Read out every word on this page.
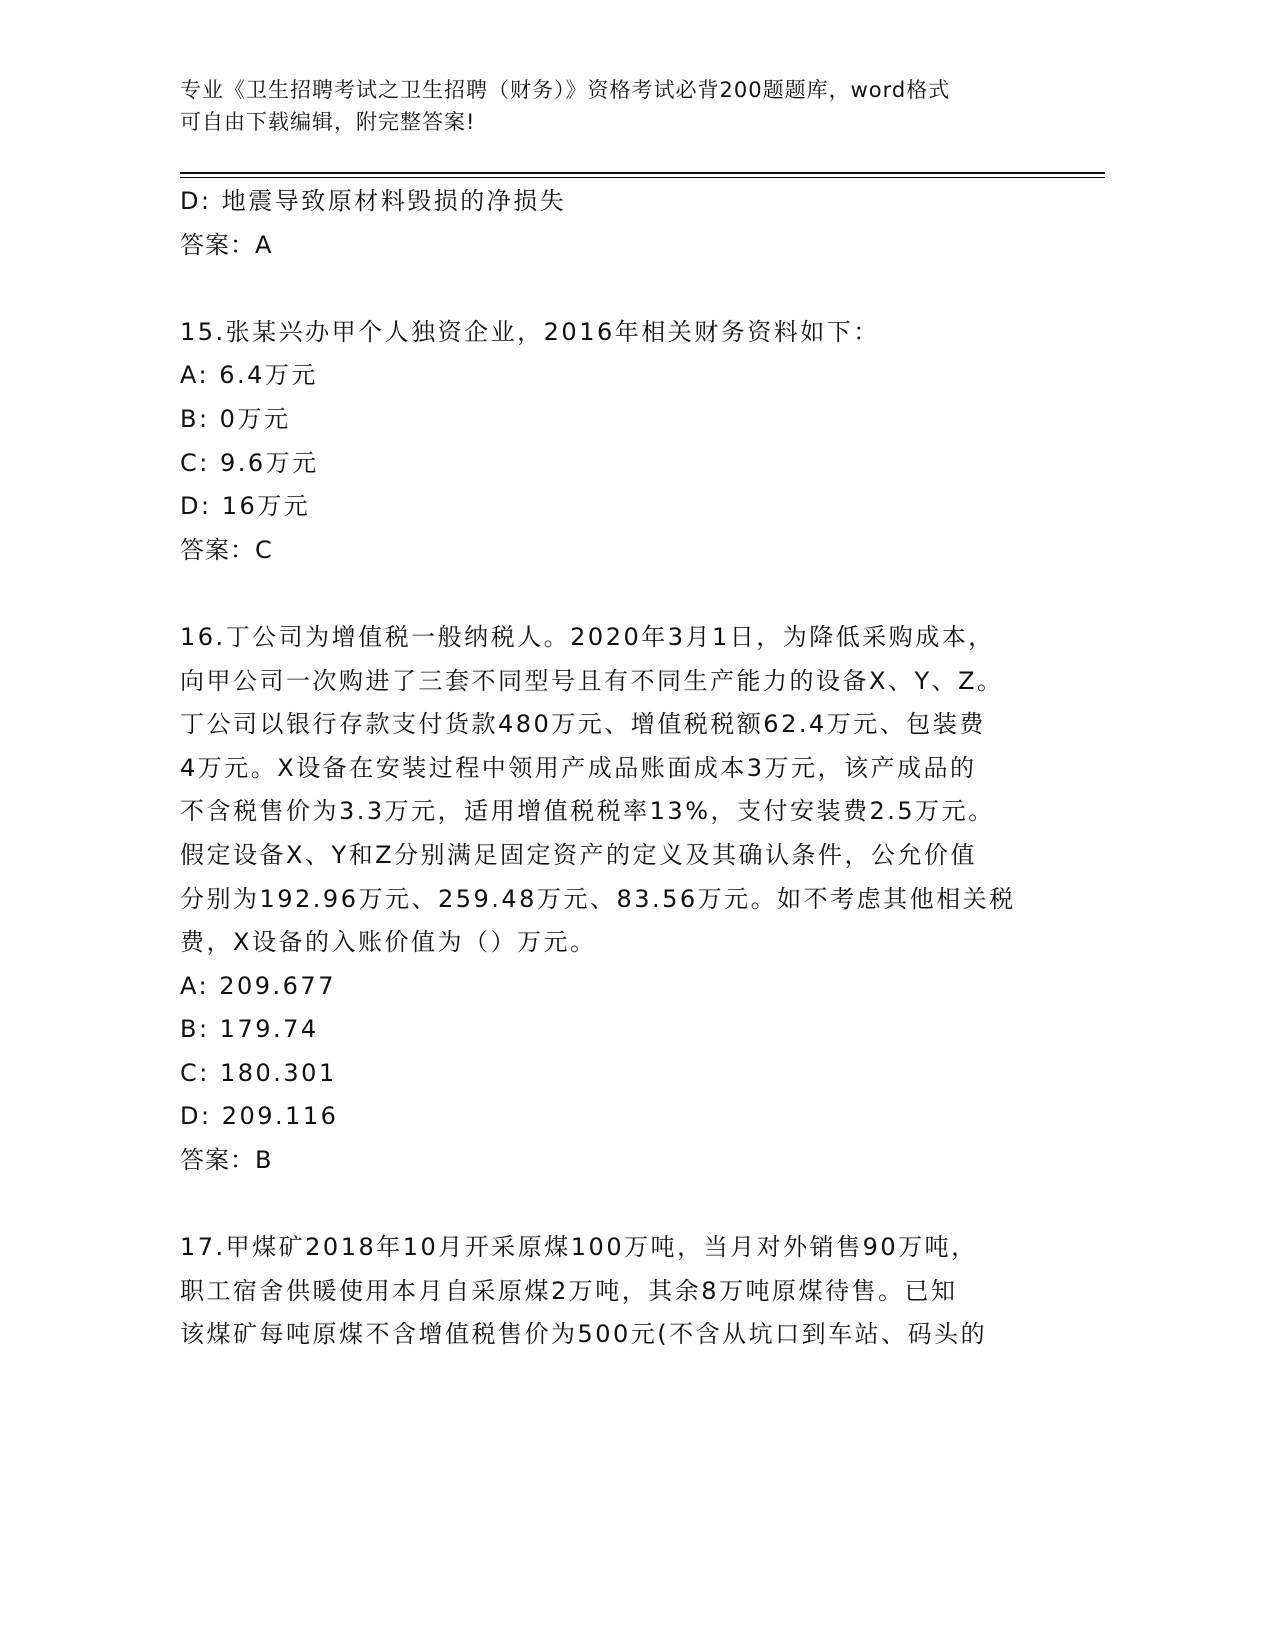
专业《卫生招聘考试之卫生招聘（财务）》资格考试必背200题题库，word格式
可自由下载编辑，附完整答案!
D: 地震导致原材料毁损的净损失
答案：A
15.张某兴办甲个人独资企业，2016年相关财务资料如下：
A: 6.4万元
B: 0万元
C: 9.6万元
D: 16万元
答案：C
16.丁公司为增值税一般纳税人。2020年3月1日，为降低采购成本，
向甲公司一次购进了三套不同型号且有不同生产能力的设备X、Y、Z。
丁公司以银行存款支付货款480万元、增值税税额62.4万元、包装费
4万元。X设备在安装过程中领用产成品账面成本3万元，该产成品的
不含税售价为3.3万元，适用增值税税率13%，支付安装费2.5万元。
假定设备X、Y和Z分别满足固定资产的定义及其确认条件，公允价值
分别为192.96万元、259.48万元、83.56万元。如不考虑其他相关税
费，X设备的入账价值为（）万元。
A: 209.677
B: 179.74
C: 180.301
D: 209.116
答案：B
17.甲煤矿2018年10月开采原煤100万吨，当月对外销售90万吨，
职工宿舍供暖使用本月自采原煤2万吨，其余8万吨原煤待售。已知
该煤矿每吨原煤不含增值税售价为500元(不含从坑口到车站、码头的
